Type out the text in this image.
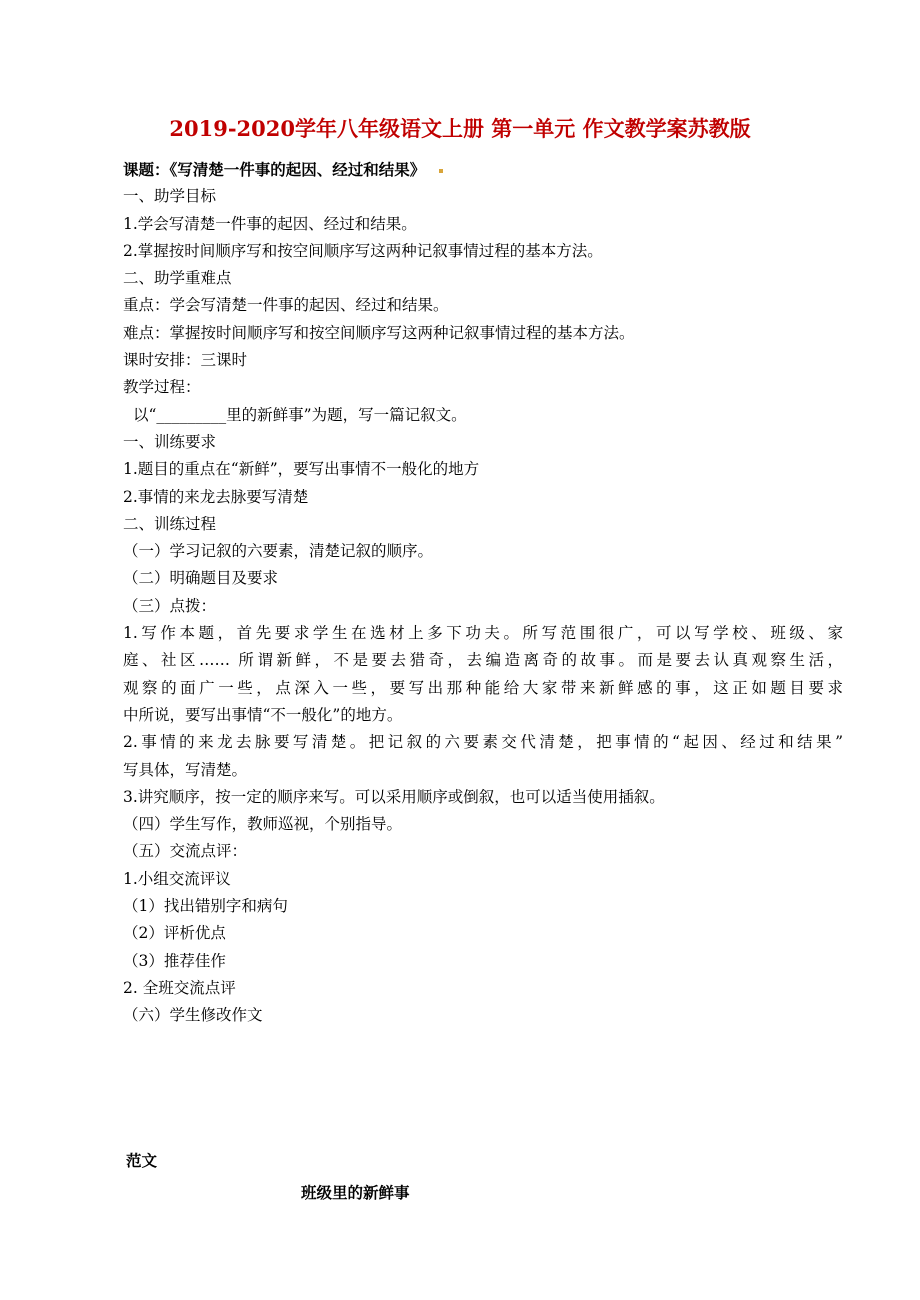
2019-2020学年八年级语文上册 第一单元 作文教学案苏教版
课题：《写清楚一件事的起因、经过和结果》
一、助学目标
1.学会写清楚一件事的起因、经过和结果。
2.掌握按时间顺序写和按空间顺序写这两种记叙事情过程的基本方法。
二、助学重难点
重点：学会写清楚一件事的起因、经过和结果。
难点：掌握按时间顺序写和按空间顺序写这两种记叙事情过程的基本方法。
课时安排：三课时
教学过程：
以“_________里的新鲜事”为题，写一篇记叙文。
一、训练要求
1.题目的重点在“新鲜”，要写出事情不一般化的地方
2.事情的来龙去脉要写清楚
二、训练过程
（一）学习记叙的六要素，清楚记叙的顺序。
（二）明确题目及要求
（三）点拨：
1.写作本题，首先要求学生在选材上多下功夫。所写范围很广，可以写学校、班级、家
庭、社区…… 所谓新鲜，不是要去猎奇，去编造离奇的故事。而是要去认真观察生活，
观察的面广一些，点深入一些，要写出那种能给大家带来新鲜感的事，这正如题目要求
中所说，要写出事情“不一般化”的地方。
2.事情的来龙去脉要写清楚。把记叙的六要素交代清楚，把事情的“起因、经过和结果”
写具体，写清楚。
3.讲究顺序，按一定的顺序来写。可以采用顺序或倒叙，也可以适当使用插叙。
（四）学生写作，教师巡视，个别指导。
（五）交流点评：
1.小组交流评议
（1）找出错别字和病句
（2）评析优点
（3）推荐佳作
2. 全班交流点评
（六）学生修改作文
范文
班级里的新鲜事
